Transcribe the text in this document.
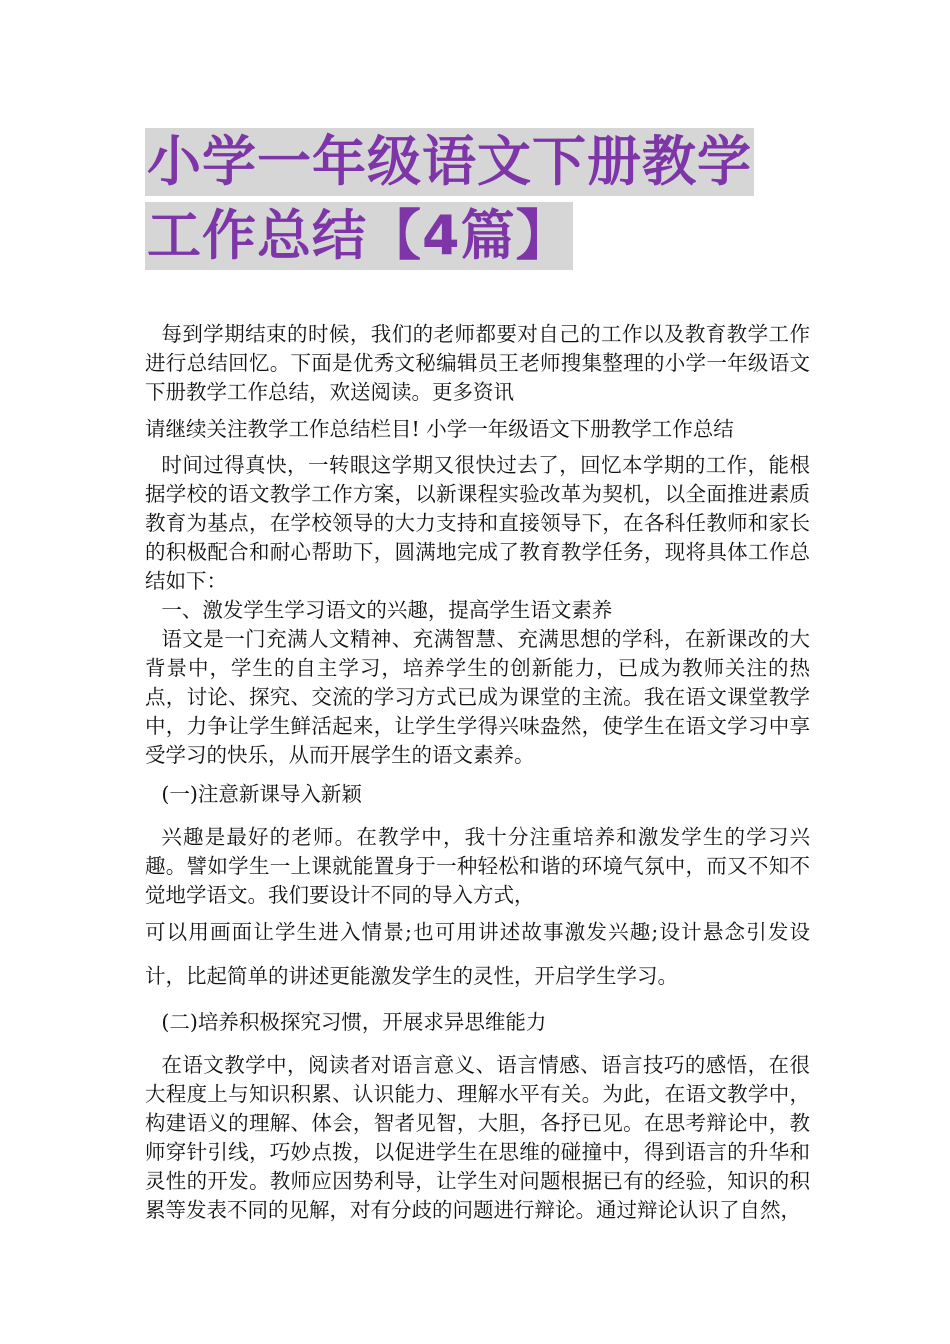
小学一年级语文下册教学
工作总结【4篇】

每到学期结束的时候，我们的老师都要对自己的工作以及教育教学工作进行总结回忆。下面是优秀文秘编辑员王老师搜集整理的小学一年级语文下册教学工作总结，欢送阅读。更多资讯

请继续关注教学工作总结栏目! 小学一年级语文下册教学工作总结

时间过得真快，一转眼这学期又很快过去了，回忆本学期的工作，能根据学校的语文教学工作方案，以新课程实验改革为契机，以全面推进素质教育为基点，在学校领导的大力支持和直接领导下，在各科任教师和家长的积极配合和耐心帮助下，圆满地完成了教育教学任务，现将具体工作总结如下：

一、激发学生学习语文的兴趣，提高学生语文素养

语文是一门充满人文精神、充满智慧、充满思想的学科，在新课改的大背景中，学生的自主学习，培养学生的创新能力，已成为教师关注的热点，讨论、探究、交流的学习方式已成为课堂的主流。我在语文课堂教学中，力争让学生鲜活起来，让学生学得兴味盎然，使学生在语文学习中享受学习的快乐，从而开展学生的语文素养。

(一)注意新课导入新颖

兴趣是最好的老师。在教学中，我十分注重培养和激发学生的学习兴趣。譬如学生一上课就能置身于一种轻松和谐的环境气氛中，而又不知不觉地学语文。我们要设计不同的导入方式，

可以用画面让学生进入情景;也可用讲述故事激发兴趣;设计悬念引发设计，比起简单的讲述更能激发学生的灵性，开启学生学习。

(二)培养积极探究习惯，开展求异思维能力

在语文教学中，阅读者对语言意义、语言情感、语言技巧的感悟，在很大程度上与知识积累、认识能力、理解水平有关。为此，在语文教学中，构建语义的理解、体会，智者见智，大胆，各抒已见。在思考辩论中，教师穿针引线，巧妙点拨，以促进学生在思维的碰撞中，得到语言的升华和灵性的开发。教师应因势利导，让学生对问题根据已有的经验，知识的积累等发表不同的见解，对有分歧的问题进行辩论。通过辩论认识了自然，
